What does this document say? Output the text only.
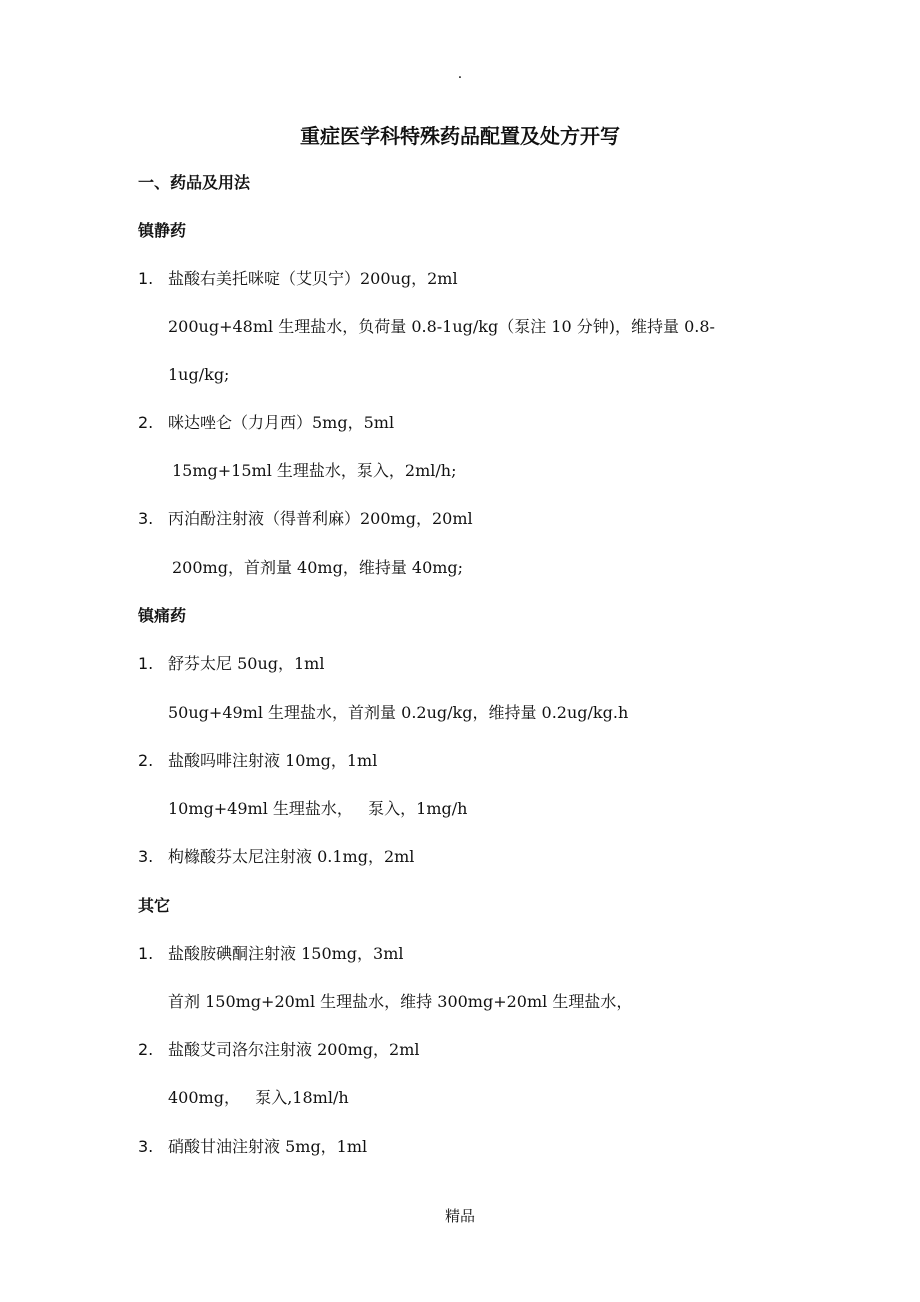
·
重症医学科特殊药品配置及处方开写
一、药品及用法
镇静药
1. 盐酸右美托咪啶（艾贝宁）200ug，2ml
200ug+48ml 生理盐水，负荷量 0.8-1ug/kg（泵注 10 分钟)，维持量 0.8-
1ug/kg;
2. 咪达唑仑（力月西）5mg，5ml
15mg+15ml 生理盐水，泵入，2ml/h;
3. 丙泊酚注射液（得普利麻）200mg，20ml
200mg，首剂量 40mg，维持量 40mg;
镇痛药
1. 舒芬太尼 50ug，1ml
50ug+49ml 生理盐水，首剂量 0.2ug/kg，维持量 0.2ug/kg.h
2. 盐酸吗啡注射液 10mg，1ml
10mg+49ml 生理盐水，   泵入，1mg/h
3. 枸橼酸芬太尼注射液 0.1mg，2ml
其它
1. 盐酸胺碘酮注射液 150mg，3ml
首剂 150mg+20ml 生理盐水，维持 300mg+20ml 生理盐水，
2. 盐酸艾司洛尔注射液 200mg，2ml
400mg，   泵入,18ml/h
3. 硝酸甘油注射液 5mg，1ml
精品
